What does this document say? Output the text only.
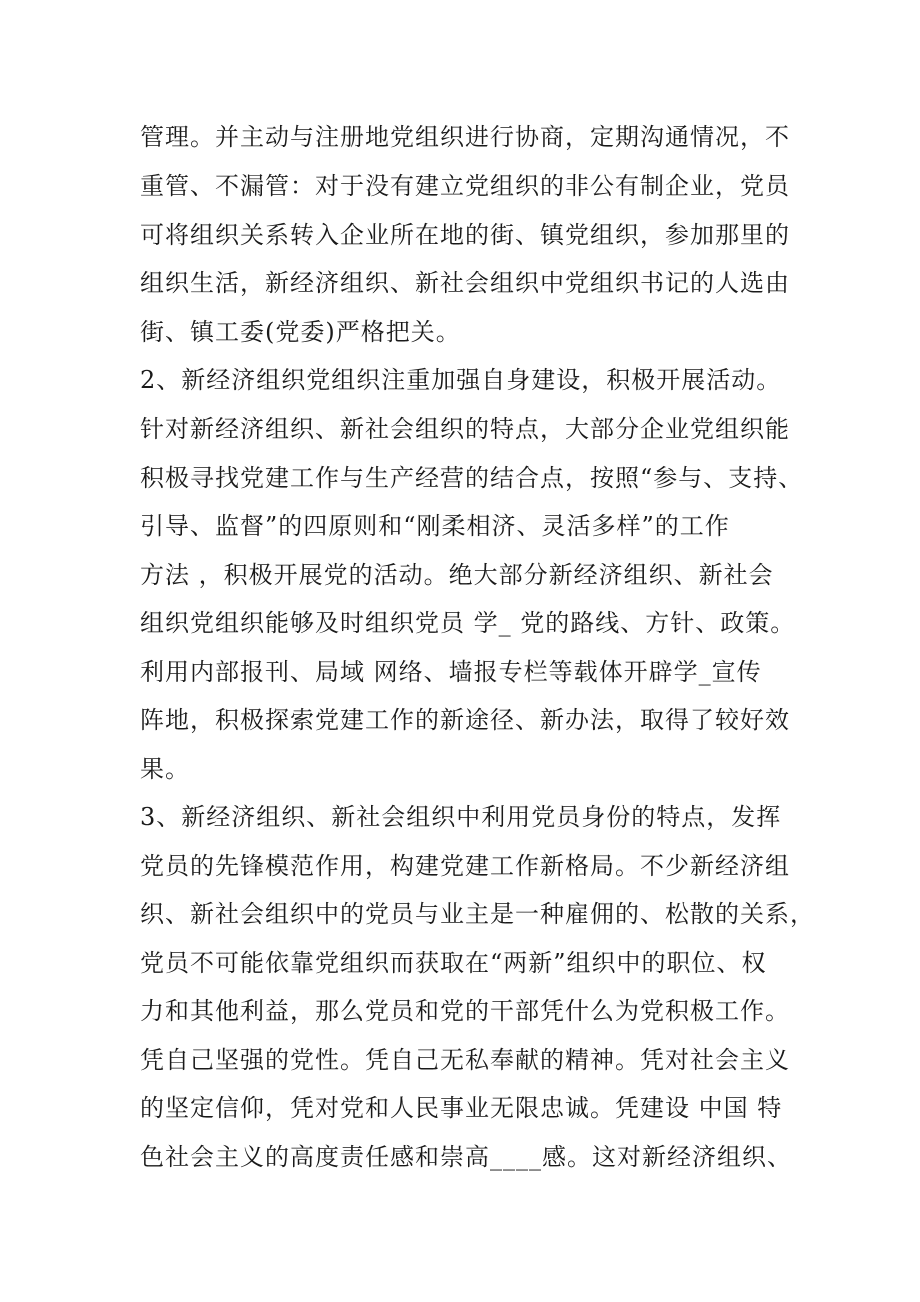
管理。并主动与注册地党组织进行协商，定期沟通情况，不

重管、不漏管：对于没有建立党组织的非公有制企业，党员

可将组织关系转入企业所在地的街、镇党组织，参加那里的

组织生活，新经济组织、新社会组织中党组织书记的人选由

街、镇工委(党委)严格把关。

2、新经济组织党组织注重加强自身建设，积极开展活动。

针对新经济组织、新社会组织的特点，大部分企业党组织能

积极寻找党建工作与生产经营的结合点，按照“参与、支持、

引导、监督”的四原则和“刚柔相济、灵活多样”的工作

方法 ，积极开展党的活动。绝大部分新经济组织、新社会

组织党组织能够及时组织党员 学_ 党的路线、方针、政策。

利用内部报刊、局域 网络、墙报专栏等载体开辟学_宣传

阵地，积极探索党建工作的新途径、新办法，取得了较好效

果。

3、新经济组织、新社会组织中利用党员身份的特点，发挥

党员的先锋模范作用，构建党建工作新格局。不少新经济组

织、新社会组织中的党员与业主是一种雇佣的、松散的关系，

党员不可能依靠党组织而获取在“两新”组织中的职位、权

力和其他利益，那么党员和党的干部凭什么为党积极工作。

凭自己坚强的党性。凭自己无私奉献的精神。凭对社会主义

的坚定信仰，凭对党和人民事业无限忠诚。凭建设 中国 特

色社会主义的高度责任感和崇高____感。这对新经济组织、
